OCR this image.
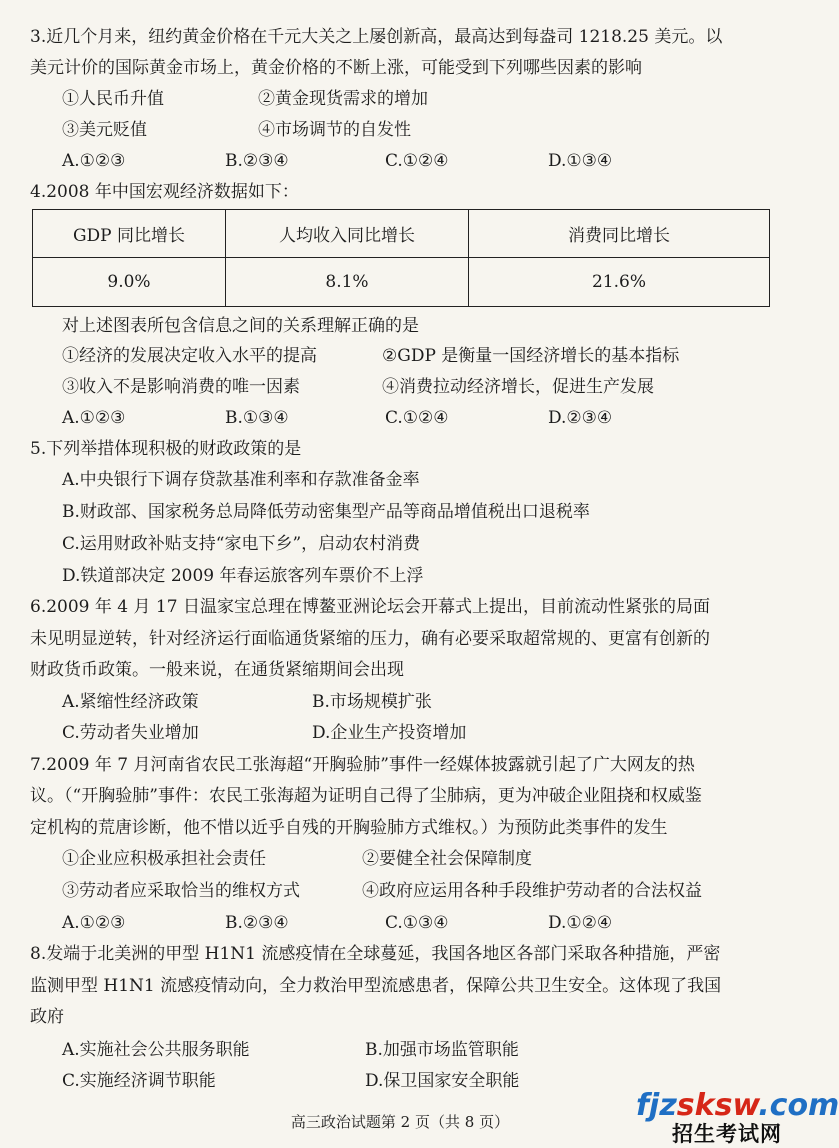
3.近几个月来，纽约黄金价格在千元大关之上屡创新高，最高达到每盎司 1218.25 美元。以
美元计价的国际黄金市场上，黄金价格的不断上涨，可能受到下列哪些因素的影响
①人民币升值	②黄金现货需求的增加
③美元贬值	④市场调节的自发性
A.①②③	B.②③④	C.①②④	D.①③④
4.2008 年中国宏观经济数据如下：
GDP 同比增长	人均收入同比增长	消费同比增长
9.0%	8.1%	21.6%
对上述图表所包含信息之间的关系理解正确的是
①经济的发展决定收入水平的提高	②GDP 是衡量一国经济增长的基本指标
③收入不是影响消费的唯一因素	④消费拉动经济增长，促进生产发展
A.①②③	B.①③④	C.①②④	D.②③④
5.下列举措体现积极的财政政策的是
A.中央银行下调存贷款基准利率和存款准备金率
B.财政部、国家税务总局降低劳动密集型产品等商品增值税出口退税率
C.运用财政补贴支持“家电下乡”，启动农村消费
D.铁道部决定 2009 年春运旅客列车票价不上浮
6.2009 年 4 月 17 日温家宝总理在博鳌亚洲论坛会开幕式上提出，目前流动性紧张的局面
未见明显逆转，针对经济运行面临通货紧缩的压力，确有必要采取超常规的、更富有创新的
财政货币政策。一般来说，在通货紧缩期间会出现
A.紧缩性经济政策	B.市场规模扩张
C.劳动者失业增加	D.企业生产投资增加
7.2009 年 7 月河南省农民工张海超“开胸验肺”事件一经媒体披露就引起了广大网友的热
议。（“开胸验肺”事件：农民工张海超为证明自己得了尘肺病，更为冲破企业阻挠和权威鉴
定机构的荒唐诊断，他不惜以近乎自残的开胸验肺方式维权。）为预防此类事件的发生
①企业应积极承担社会责任	②要健全社会保障制度
③劳动者应采取恰当的维权方式	④政府应运用各种手段维护劳动者的合法权益
A.①②③	B.②③④	C.①③④	D.①②④
8.发端于北美洲的甲型 H1N1 流感疫情在全球蔓延，我国各地区各部门采取各种措施，严密
监测甲型 H1N1 流感疫情动向，全力救治甲型流感患者，保障公共卫生安全。这体现了我国
政府
A.实施社会公共服务职能	B.加强市场监管职能
C.实施经济调节职能	D.保卫国家安全职能
高三政治试题第 2 页（共 8 页）	fjzsksw.com
招生考试网
